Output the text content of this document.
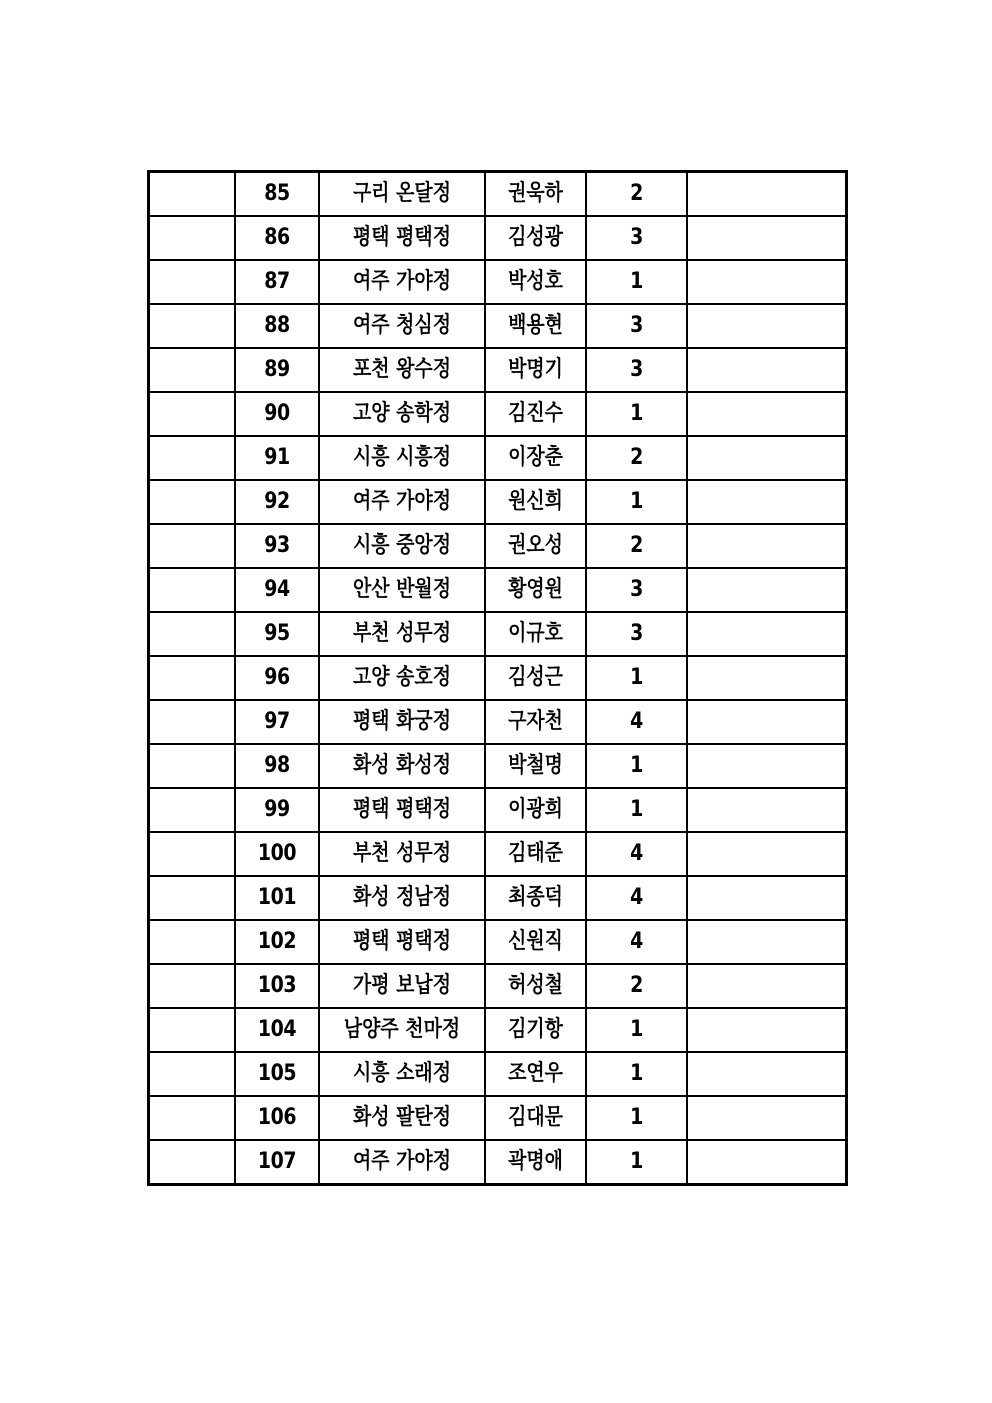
	85	구리 온달정	권욱하	2	
	86	평택 평택정	김성광	3	
	87	여주 가야정	박성호	1	
	88	여주 청심정	백용현	3	
	89	포천 왕수정	박명기	3	
	90	고양 송학정	김진수	1	
	91	시흥 시흥정	이장춘	2	
	92	여주 가야정	원신희	1	
	93	시흥 중앙정	권오성	2	
	94	안산 반월정	황영원	3	
	95	부천 성무정	이규호	3	
	96	고양 송호정	김성근	1	
	97	평택 화궁정	구자천	4	
	98	화성 화성정	박철명	1	
	99	평택 평택정	이광희	1	
	100	부천 성무정	김태준	4	
	101	화성 정남정	최종덕	4	
	102	평택 평택정	신원직	4	
	103	가평 보납정	허성철	2	
	104	남양주 천마정	김기항	1	
	105	시흥 소래정	조연우	1	
	106	화성 팔탄정	김대문	1	
	107	여주 가야정	곽명애	1	
